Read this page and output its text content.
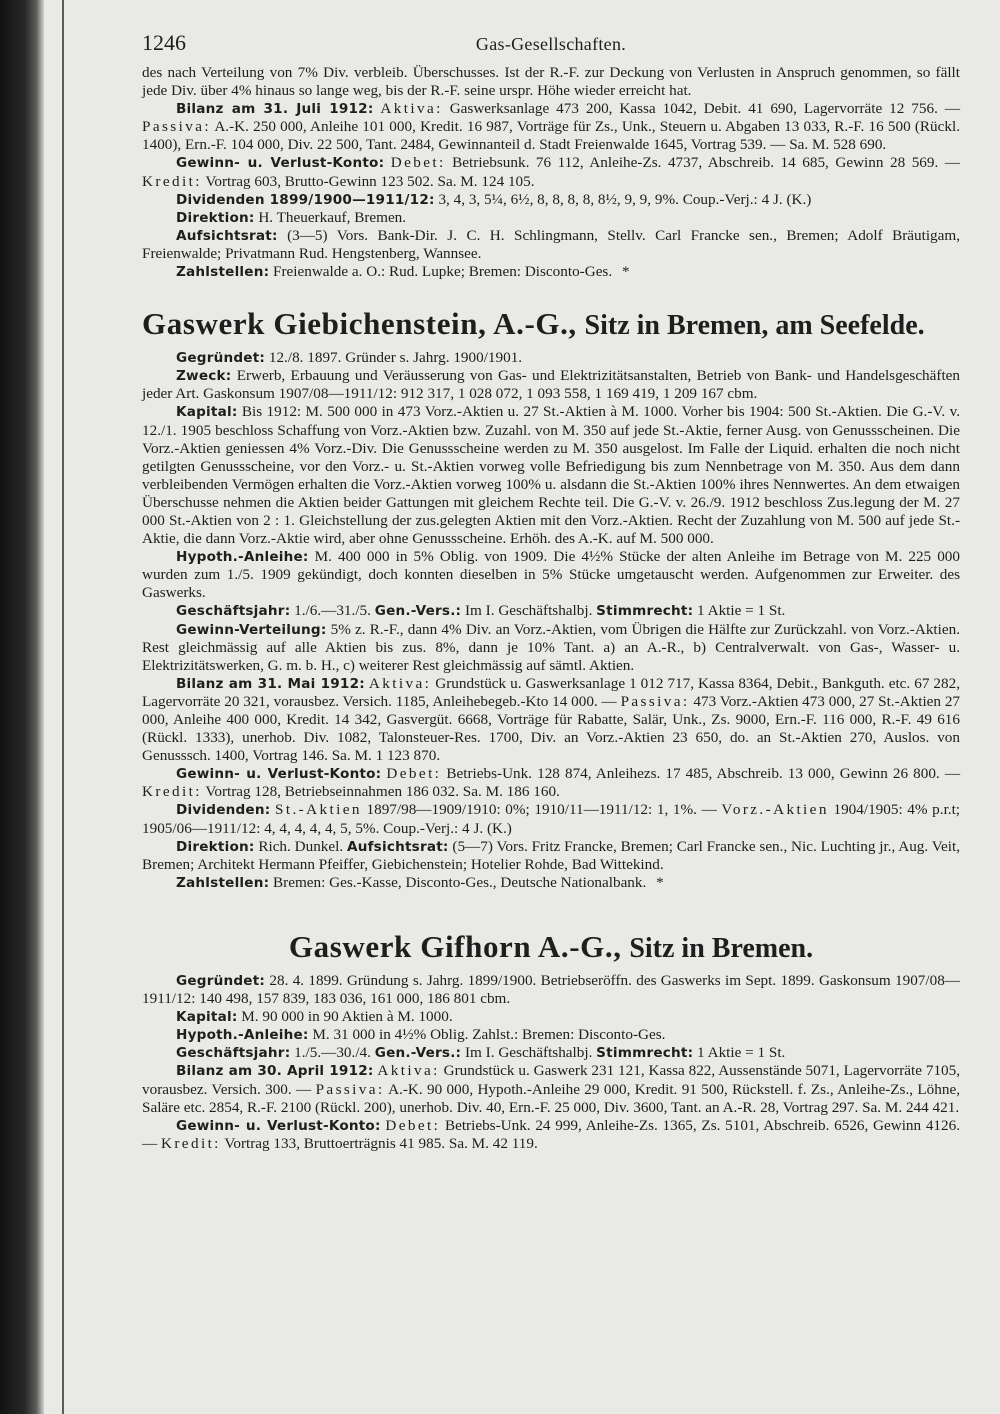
1246	Gas-Gesellschaften.

des nach Verteilung von 7% Div. verbleib. Überschusses. Ist der R.-F. zur Deckung von Verlusten in Anspruch genommen, so fällt jede Div. über 4% hinaus so lange weg, bis der R.-F. seine urspr. Höhe wieder erreicht hat.

Bilanz am 31. Juli 1912: Aktiva: Gaswerksanlage 473 200, Kassa 1042, Debit. 41 690, Lagervorräte 12 756. — Passiva: A.-K. 250 000, Anleihe 101 000, Kredit. 16 987, Vorträge für Zs., Unk., Steuern u. Abgaben 13 033, R.-F. 16 500 (Rückl. 1400), Ern.-F. 104 000, Div. 22 500, Tant. 2484, Gewinnanteil d. Stadt Freienwalde 1645, Vortrag 539. — Sa. M. 528 690.

Gewinn- u. Verlust-Konto: Debet: Betriebsunk. 76 112, Anleihe-Zs. 4737, Abschreib. 14 685, Gewinn 28 569. — Kredit: Vortrag 603, Brutto-Gewinn 123 502. Sa. M. 124 105.

Dividenden 1899/1900—1911/12: 3, 4, 3, 5¼, 6½, 8, 8, 8, 8, 8½, 9, 9, 9%. Coup.-Verj.: 4 J. (K.)

Direktion: H. Theuerkauf, Bremen.

Aufsichtsrat: (3—5) Vors. Bank-Dir. J. C. H. Schlingmann, Stellv. Carl Francke sen., Bremen; Adolf Bräutigam, Freienwalde; Privatmann Rud. Hengstenberg, Wannsee.

Zahlstellen: Freienwalde a. O.: Rud. Lupke; Bremen: Disconto-Ges. *

Gaswerk Giebichenstein, A.-G., Sitz in Bremen, am Seefelde.

Gegründet: 12./8. 1897. Gründer s. Jahrg. 1900/1901.

Zweck: Erwerb, Erbauung und Veräusserung von Gas- und Elektrizitätsanstalten, Betrieb von Bank- und Handelsgeschäften jeder Art. Gaskonsum 1907/08—1911/12: 912 317, 1 028 072, 1 093 558, 1 169 419, 1 209 167 cbm.

Kapital: Bis 1912: M. 500 000 in 473 Vorz.-Aktien u. 27 St.-Aktien à M. 1000. Vorher bis 1904: 500 St.-Aktien. Die G.-V. v. 12./1. 1905 beschloss Schaffung von Vorz.-Aktien bzw. Zuzahl. von M. 350 auf jede St.-Aktie, ferner Ausg. von Genussscheinen. Die Vorz.-Aktien geniessen 4% Vorz.-Div. Die Genussscheine werden zu M. 350 ausgelost. Im Falle der Liquid. erhalten die noch nicht getilgten Genussscheine, vor den Vorz.- u. St.-Aktien vorweg volle Befriedigung bis zum Nennbetrage von M. 350. Aus dem dann verbleibenden Vermögen erhalten die Vorz.-Aktien vorweg 100% u. alsdann die St.-Aktien 100% ihres Nennwertes. An dem etwaigen Überschusse nehmen die Aktien beider Gattungen mit gleichem Rechte teil. Die G.-V. v. 26./9. 1912 beschloss Zus.legung der M. 27 000 St.-Aktien von 2 : 1. Gleichstellung der zus.gelegten Aktien mit den Vorz.-Aktien. Recht der Zuzahlung von M. 500 auf jede St.-Aktie, die dann Vorz.-Aktie wird, aber ohne Genussscheine. Erhöh. des A.-K. auf M. 500 000.

Hypoth.-Anleihe: M. 400 000 in 5% Oblig. von 1909. Die 4½% Stücke der alten Anleihe im Betrage von M. 225 000 wurden zum 1./5. 1909 gekündigt, doch konnten dieselben in 5% Stücke umgetauscht werden. Aufgenommen zur Erweiter. des Gaswerks.

Geschäftsjahr: 1./6.—31./5. Gen.-Vers.: Im I. Geschäftshalbj. Stimmrecht: 1 Aktie = 1 St.

Gewinn-Verteilung: 5% z. R.-F., dann 4% Div. an Vorz.-Aktien, vom Übrigen die Hälfte zur Zurückzahl. von Vorz.-Aktien. Rest gleichmässig auf alle Aktien bis zus. 8%, dann je 10% Tant. a) an A.-R., b) Centralverwalt. von Gas-, Wasser- u. Elektrizitätswerken, G. m. b. H., c) weiterer Rest gleichmässig auf sämtl. Aktien.

Bilanz am 31. Mai 1912: Aktiva: Grundstück u. Gaswerksanlage 1 012 717, Kassa 8364, Debit., Bankguth. etc. 67 282, Lagervorräte 20 321, vorausbez. Versich. 1185, Anleihebegeb.-Kto 14 000. — Passiva: 473 Vorz.-Aktien 473 000, 27 St.-Aktien 27 000, Anleihe 400 000, Kredit. 14 342, Gasvergüt. 6668, Vorträge für Rabatte, Salär, Unk., Zs. 9000, Ern.-F. 116 000, R.-F. 49 616 (Rückl. 1333), unerhob. Div. 1082, Talonsteuer-Res. 1700, Div. an Vorz.-Aktien 23 650, do. an St.-Aktien 270, Auslos. von Genusssch. 1400, Vortrag 146. Sa. M. 1 123 870.

Gewinn- u. Verlust-Konto: Debet: Betriebs-Unk. 128 874, Anleihezs. 17 485, Abschreib. 13 000, Gewinn 26 800. — Kredit: Vortrag 128, Betriebseinnahmen 186 032. Sa. M. 186 160.

Dividenden: St.-Aktien 1897/98—1909/1910: 0%; 1910/11—1911/12: 1, 1%. — Vorz.-Aktien 1904/1905: 4% p.r.t; 1905/06—1911/12: 4, 4, 4, 4, 4, 5, 5%. Coup.-Verj.: 4 J. (K.)

Direktion: Rich. Dunkel. Aufsichtsrat: (5—7) Vors. Fritz Francke, Bremen; Carl Francke sen., Nic. Luchting jr., Aug. Veit, Bremen; Architekt Hermann Pfeiffer, Giebichenstein; Hotelier Rohde, Bad Wittekind.

Zahlstellen: Bremen: Ges.-Kasse, Disconto-Ges., Deutsche Nationalbank. *

Gaswerk Gifhorn A.-G., Sitz in Bremen.

Gegründet: 28. 4. 1899. Gründung s. Jahrg. 1899/1900. Betriebseröffn. des Gaswerks im Sept. 1899. Gaskonsum 1907/08—1911/12: 140 498, 157 839, 183 036, 161 000, 186 801 cbm.

Kapital: M. 90 000 in 90 Aktien à M. 1000.

Hypoth.-Anleihe: M. 31 000 in 4½% Oblig. Zahlst.: Bremen: Disconto-Ges.

Geschäftsjahr: 1./5.—30./4. Gen.-Vers.: Im I. Geschäftshalbj. Stimmrecht: 1 Aktie = 1 St.

Bilanz am 30. April 1912: Aktiva: Grundstück u. Gaswerk 231 121, Kassa 822, Aussenstände 5071, Lagervorräte 7105, vorausbez. Versich. 300. — Passiva: A.-K. 90 000, Hypoth.-Anleihe 29 000, Kredit. 91 500, Rückstell. f. Zs., Anleihe-Zs., Löhne, Saläre etc. 2854, R.-F. 2100 (Rückl. 200), unerhob. Div. 40, Ern.-F. 25 000, Div. 3600, Tant. an A.-R. 28, Vortrag 297. Sa. M. 244 421.

Gewinn- u. Verlust-Konto: Debet: Betriebs-Unk. 24 999, Anleihe-Zs. 1365, Zs. 5101, Abschreib. 6526, Gewinn 4126. — Kredit: Vortrag 133, Bruttoerträgnis 41 985. Sa. M. 42 119.
